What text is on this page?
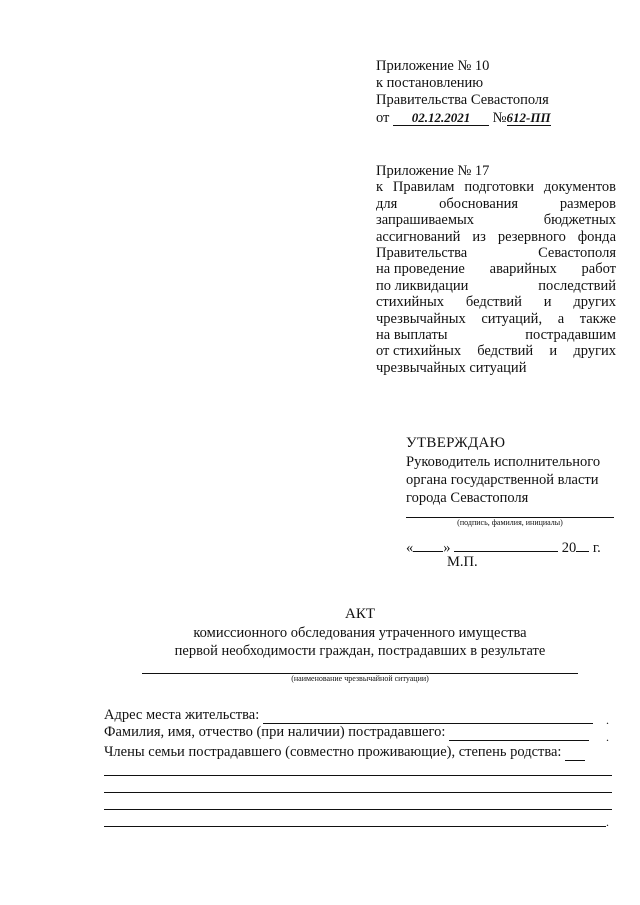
Приложение № 10
к постановлению
Правительства Севастополя
от 02.12.2021 №612-ПП
Приложение № 17
к Правилам подготовки документов
для	обоснования	размеров
запрашиваемых	бюджетных
ассигнований из резервного фонда
Правительства	Севастополя
на проведение аварийных работ
по ликвидации	последствий
стихийных бедствий и других
чрезвычайных ситуаций, а также
на выплаты	пострадавшим
от стихийных бедствий и других
чрезвычайных ситуаций
УТВЕРЖДАЮ
Руководитель исполнительного
органа государственной власти
города Севастополя
(подпись, фамилия, инициалы)
« »	20 г.
М.П.
АКТ
комиссионного обследования утраченного имущества
первой необходимости граждан, пострадавших в результате
(наименование чрезвычайной ситуации)
Адрес места жительства:	.
Фамилия, имя, отчество (при наличии) пострадавшего:	.
Члены семьи пострадавшего (совместно проживающие), степень родства:
.
